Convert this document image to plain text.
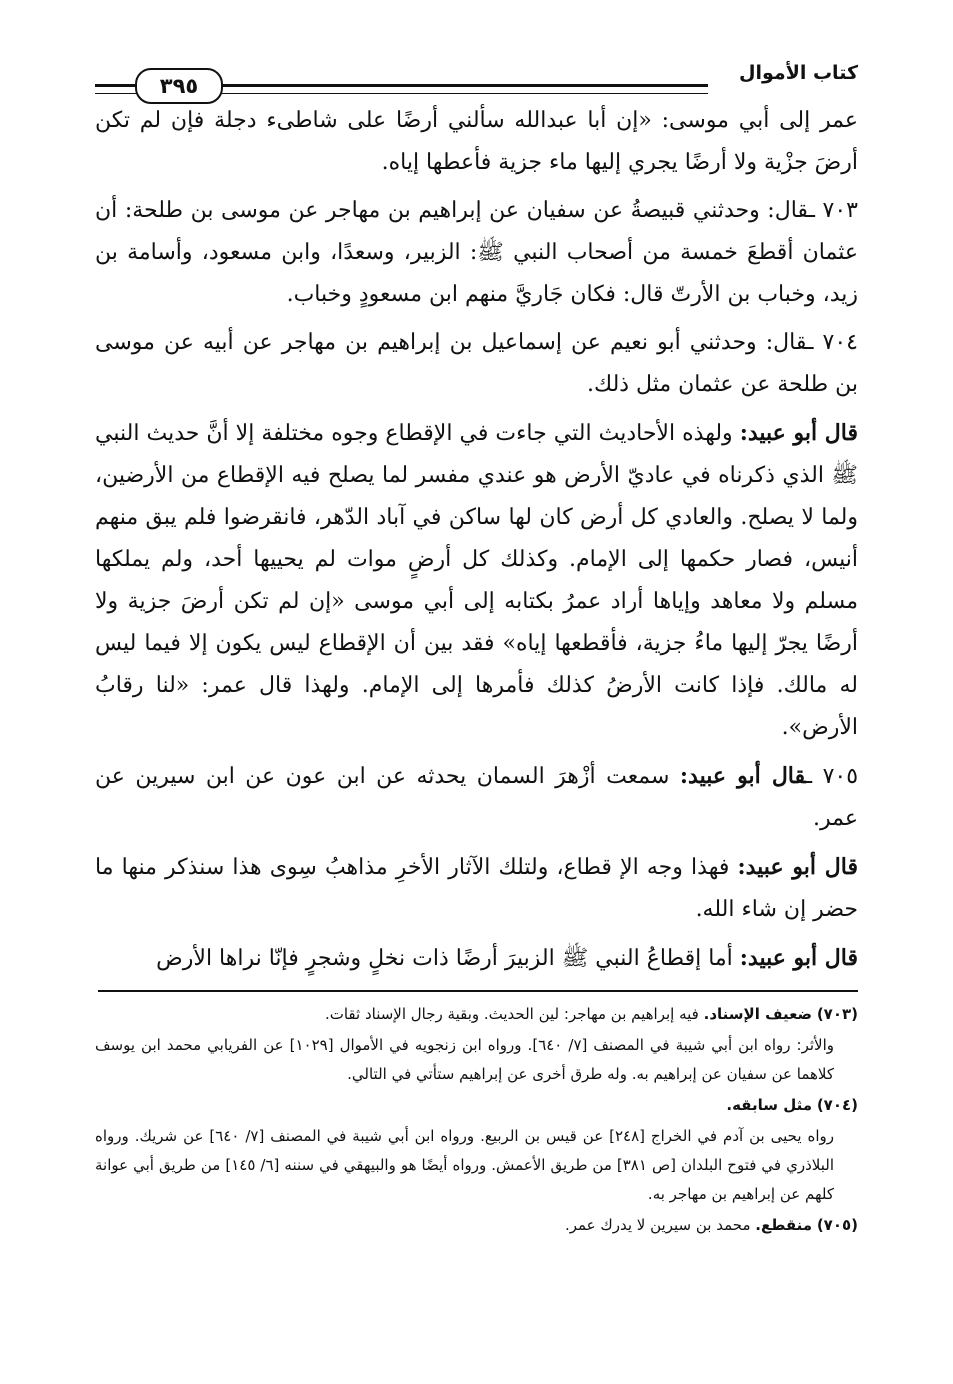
كتاب الأموال
٣٩٥

عمر إلى أبي موسى: «إن أبا عبدالله سألني أرضًا على شاطىء دجلة فإن لم تكن أرضَ جزْية ولا أرضًا يجري إليها ماء جزية فأعطها إياه.

٧٠٣ ـقال: وحدثني قبيصةُ عن سفيان عن إبراهيم بن مهاجر عن موسى بن طلحة: أن عثمان أقطعَ خمسة من أصحاب النبي ﷺ: الزبير، وسعدًا، وابن مسعود، وأسامة بن زيد، وخباب بن الأرتّ قال: فكان جَاريَّ منهم ابن مسعودٍ وخباب.

٧٠٤ ـقال: وحدثني أبو نعيم عن إسماعيل بن إبراهيم بن مهاجر عن أبيه عن موسى بن طلحة عن عثمان مثل ذلك.

قال أبو عبيد: ولهذه الأحاديث التي جاءت في الإقطاع وجوه مختلفة إلا أنَّ حديث النبي ﷺ الذي ذكرناه في عاديّ الأرض هو عندي مفسر لما يصلح فيه الإقطاع من الأرضين، ولما لا يصلح. والعادي كل أرض كان لها ساكن في آباد الدّهر، فانقرضوا فلم يبق منهم أنيس، فصار حكمها إلى الإمام. وكذلك كل أرضٍ موات لم يحييها أحد، ولم يملكها مسلم ولا معاهد وإياها أراد عمرُ بكتابه إلى أبي موسى «إن لم تكن أرضَ جزية ولا أرضًا يجرّ إليها ماءُ جزية، فأقطعها إياه» فقد بين أن الإقطاع ليس يكون إلا فيما ليس له مالك. فإذا كانت الأرضُ كذلك فأمرها إلى الإمام. ولهذا قال عمر: «لنا رقابُ الأرض».

٧٠٥ ـقال أبو عبيد: سمعت أزْهرَ السمان يحدثه عن ابن عون عن ابن سيرين عن عمر.

قال أبو عبيد: فهذا وجه الإ قطاع، ولتلك الآثار الأخرِ مذاهبُ سِوى هذا سنذكر منها ما حضر إن شاء الله.

قال أبو عبيد: أما إقطاعُ النبي ﷺ الزبيرَ أرضًا ذات نخلٍ وشجرٍ فإنّا نراها الأرض

(٧٠٣) ضعيف الإسناد. فيه إبراهيم بن مهاجر: لين الحديث. وبقية رجال الإسناد ثقات.

والأثر: رواه ابن أبي شيبة في المصنف [٧/ ٦٤٠]. ورواه ابن زنجويه في الأموال [١٠٢٩] عن الفريابي محمد ابن يوسف كلاهما عن سفيان عن إبراهيم به. وله طرق أخرى عن إبراهيم ستأتي في التالي.

(٧٠٤) مثل سابقه.

رواه يحيى بن آدم في الخراج [٢٤٨] عن قيس بن الربيع. ورواه ابن أبي شيبة في المصنف [٧/ ٦٤٠] عن شريك. ورواه البلاذري في فتوح البلدان [ص ٣٨١] من طريق الأعمش. ورواه أيضًا هو والبيهقي في سننه [٦/ ١٤٥] من طريق أبي عوانة كلهم عن إبراهيم بن مهاجر به.

(٧٠٥) منقطع. محمد بن سيرين لا يدرك عمر.
